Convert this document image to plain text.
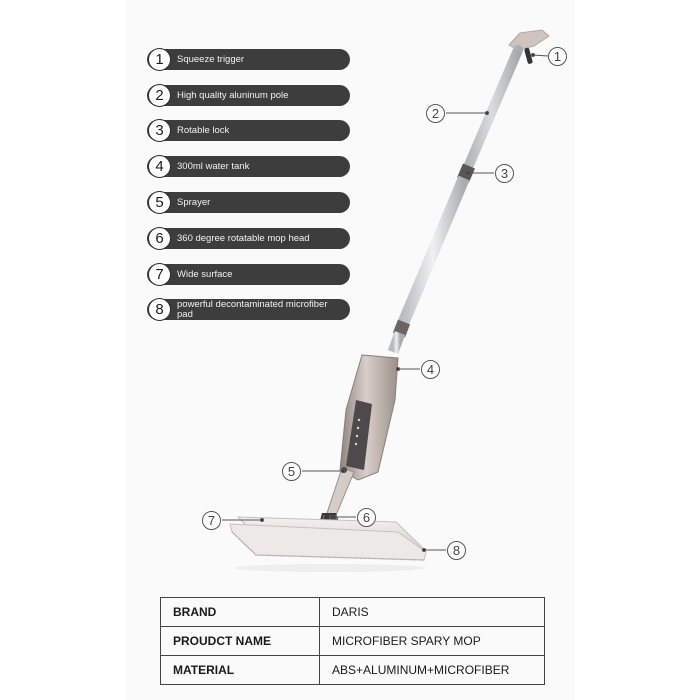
1	Squeeze trigger
2	High quality aluninum pole
3	Rotable lock
4	300ml water tank
5	Sprayer
6	360 degree rotatable mop head
7	Wide surface
8	powerful decontaminated microfiber pad
1
2
3
4
5
6
7
8
BRAND	DARIS
PROUDCT NAME	MICROFIBER SPARY MOP
MATERIAL	ABS+ALUMINUM+MICROFIBER
